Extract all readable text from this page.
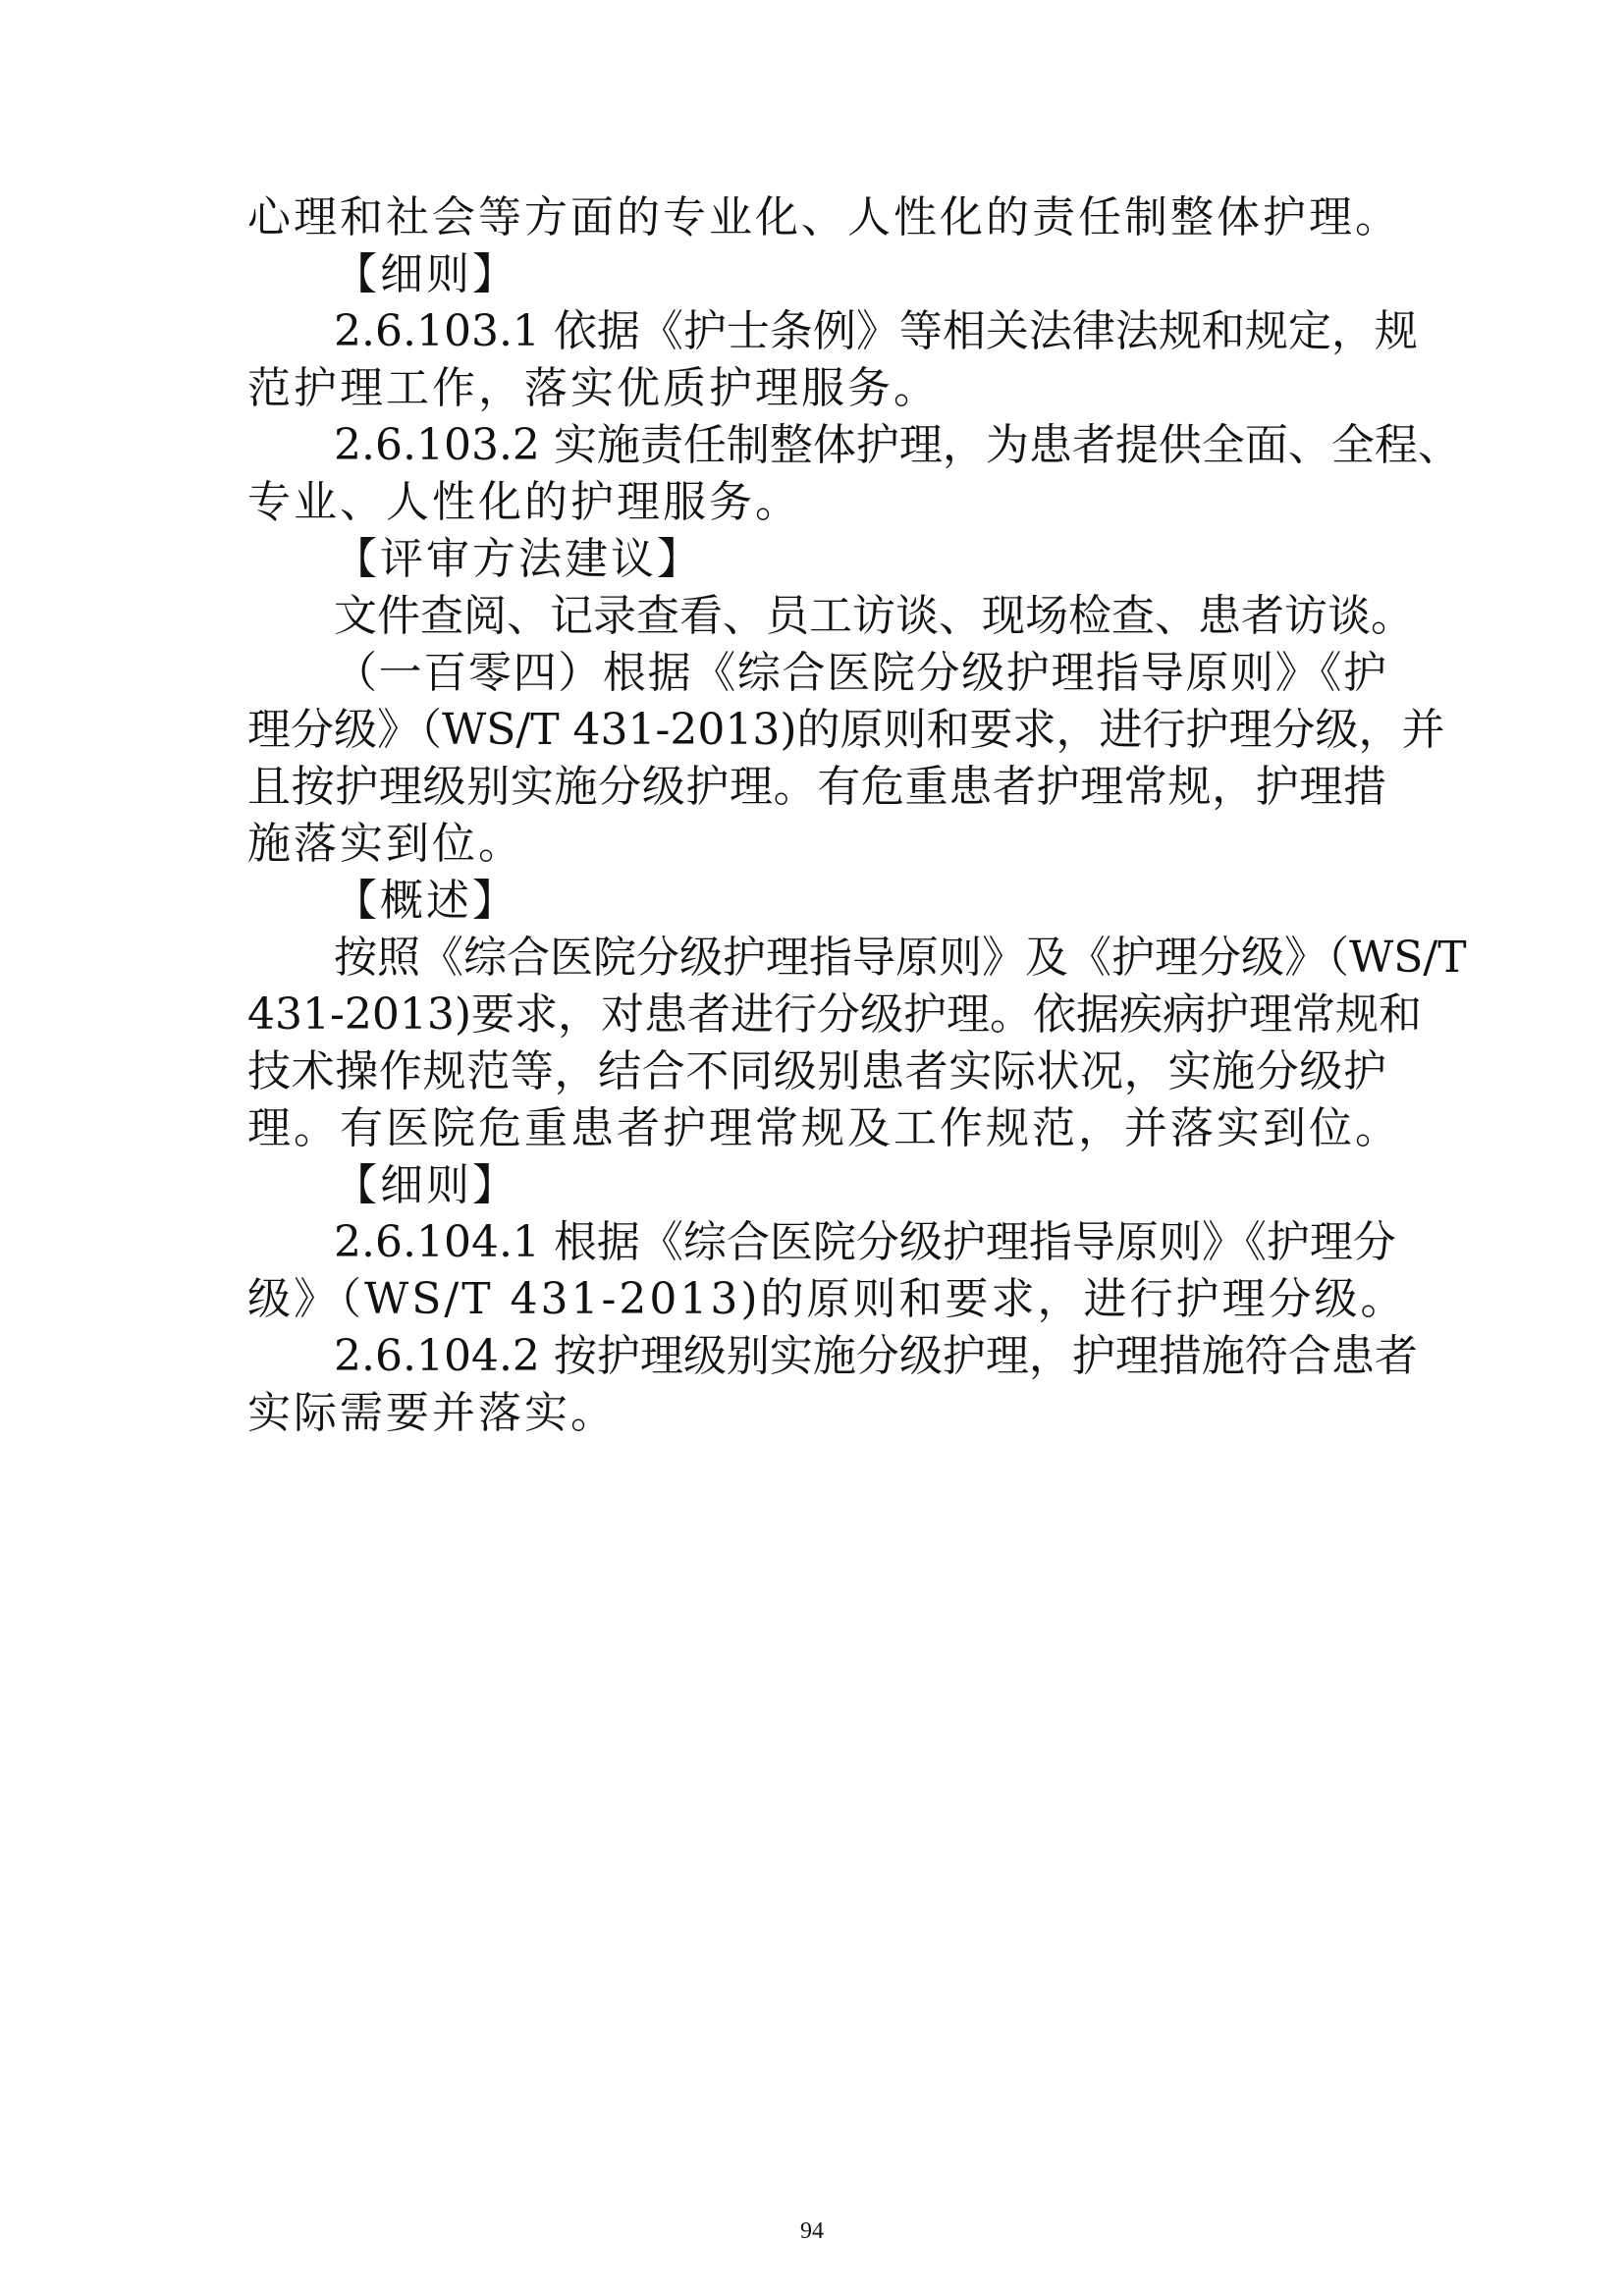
心理和社会等方面的专业化、人性化的责任制整体护理。
【细则】
2.6.103.1 依据《护士条例》等相关法律法规和规定，规
范护理工作，落实优质护理服务。
2.6.103.2 实施责任制整体护理，为患者提供全面、全程、
专业、人性化的护理服务。
【评审方法建议】
文件查阅、记录查看、员工访谈、现场检查、患者访谈。
（一百零四）根据《综合医院分级护理指导原则》《护
理分级》（WS/T 431-2013)的原则和要求，进行护理分级，并
且按护理级别实施分级护理。有危重患者护理常规，护理措
施落实到位。
【概述】
按照《综合医院分级护理指导原则》及《护理分级》（WS/T
431-2013)要求，对患者进行分级护理。依据疾病护理常规和
技术操作规范等，结合不同级别患者实际状况，实施分级护
理。有医院危重患者护理常规及工作规范，并落实到位。
【细则】
2.6.104.1 根据《综合医院分级护理指导原则》《护理分
级》（WS/T 431-2013)的原则和要求，进行护理分级。
2.6.104.2 按护理级别实施分级护理，护理措施符合患者
实际需要并落实。
94
